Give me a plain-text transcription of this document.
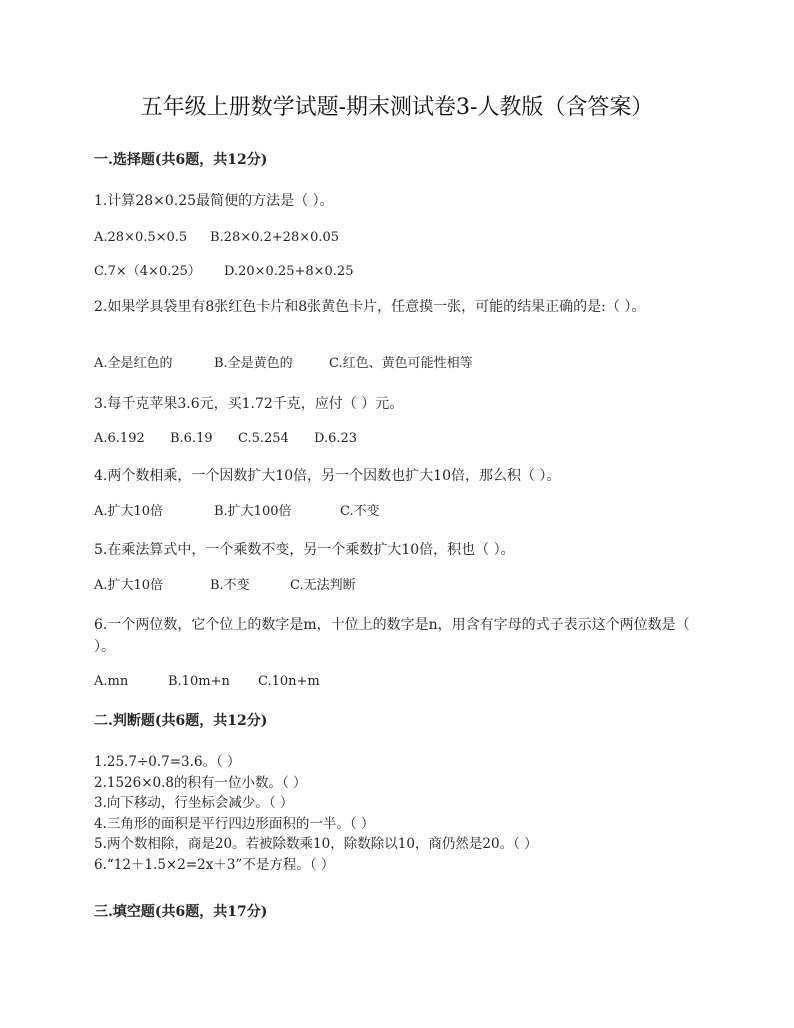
五年级上册数学试题-期末测试卷3-人教版（含答案）
一.选择题(共6题，共12分)
1.计算28×0.25最简便的方法是（ ）。
A.28×0.5×0.5 B.28×0.2+28×0.05
C.7×（4×0.25） D.20×0.25+8×0.25
2.如果学具袋里有8张红色卡片和8张黄色卡片，任意摸一张，可能的结果正确的是:（ ）。
A.全是红色的	B.全是黄色的	C.红色、黄色可能性相等
3.每千克苹果3.6元，买1.72千克，应付（ ）元。
A.6.192 B.6.19 C.5.254 D.6.23
4.两个数相乘，一个因数扩大10倍，另一个因数也扩大10倍，那么积（ ）。
A.扩大10倍	B.扩大100倍	C.不变
5.在乘法算式中，一个乘数不变，另一个乘数扩大10倍，积也（ ）。
A.扩大10倍	B.不变	C.无法判断
6.一个两位数，它个位上的数字是m，十位上的数字是n，用含有字母的式子表示这个两位数是（ ）。
A.mn	B.10m+n C.10n+m
二.判断题(共6题，共12分)
1.25.7÷0.7=3.6。（ ）
2.1526×0.8的积有一位小数。（ ）
3.向下移动，行坐标会减少。（ ）
4.三角形的面积是平行四边形面积的一半。（ ）
5.两个数相除，商是20。若被除数乘10，除数除以10，商仍然是20。（ ）
6.“12＋1.5×2=2x＋3”不是方程。（ ）
三.填空题(共6题，共17分)
